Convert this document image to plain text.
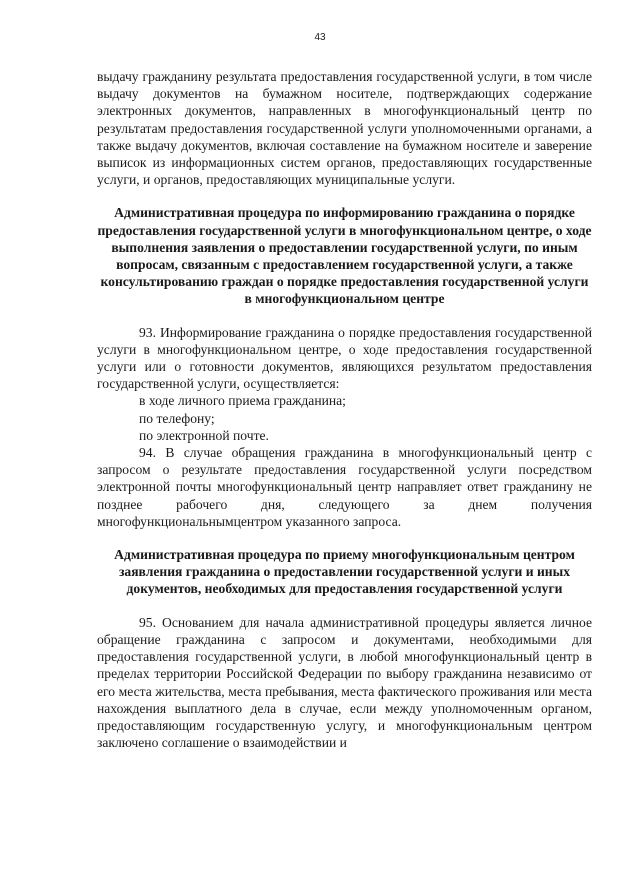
43

выдачу гражданину результата предоставления государственной услуги, в том числе выдачу документов на бумажном носителе, подтверждающих содержание электронных документов, направленных в многофункциональный центр по результатам предоставления государственной услуги уполномоченными органами, а также выдачу документов, включая составление на бумажном носителе и заверение выписок из информационных систем органов, предоставляющих государственные услуги, и органов, предоставляющих муниципальные услуги.

Административная процедура по информированию гражданина о порядке предоставления государственной услуги в многофункциональном центре, о ходе выполнения заявления о предоставлении государственной услуги, по иным вопросам, связанным с предоставлением государственной услуги, а также консультированию граждан о порядке предоставления государственной услуги в многофункциональном центре

93. Информирование гражданина о порядке предоставления государственной услуги в многофункциональном центре, о ходе предоставления государственной услуги или о готовности документов, являющихся результатом предоставления государственной услуги, осуществляется:

в ходе личного приема гражданина;

по телефону;

по электронной почте.

94. В случае обращения гражданина в многофункциональный центр с запросом о результате предоставления государственной услуги посредством электронной почты многофункциональный центр направляет ответ гражданину не позднее рабочего дня, следующего за днем получения многофункциональнымцентром указанного запроса.

Административная процедура по приему многофункциональным центром заявления гражданина о предоставлении государственной услуги и иных документов, необходимых для предоставления государственной услуги

95. Основанием для начала административной процедуры является личное обращение гражданина с запросом и документами, необходимыми для предоставления государственной услуги, в любой многофункциональный центр в пределах территории Российской Федерации по выбору гражданина независимо от его места жительства, места пребывания, места фактического проживания или места нахождения выплатного дела в случае, если между уполномоченным органом, предоставляющим государственную услугу, и многофункциональным центром заключено соглашение о взаимодействии и
